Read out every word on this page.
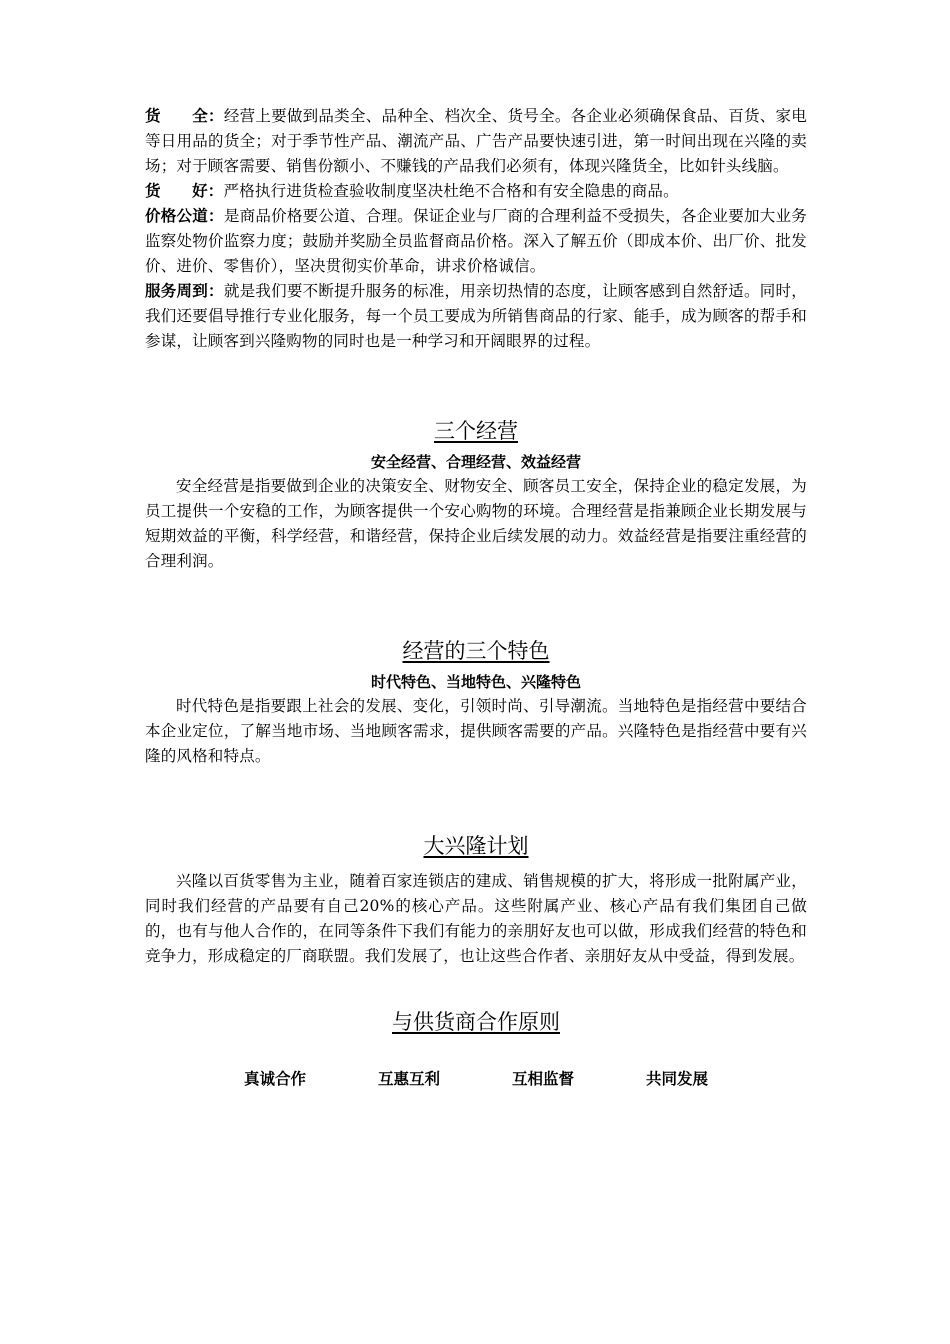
货　　全：经营上要做到品类全、品种全、档次全、货号全。各企业必须确保食品、百货、家电等日用品的货全；对于季节性产品、潮流产品、广告产品要快速引进，第一时间出现在兴隆的卖场；对于顾客需要、销售份额小、不赚钱的产品我们必须有，体现兴隆货全，比如针头线脑。

货　　好：严格执行进货检查验收制度坚决杜绝不合格和有安全隐患的商品。

价格公道：是商品价格要公道、合理。保证企业与厂商的合理利益不受损失，各企业要加大业务监察处物价监察力度；鼓励并奖励全员监督商品价格。深入了解五价（即成本价、出厂价、批发价、进价、零售价），坚决贯彻实价革命，讲求价格诚信。

服务周到：就是我们要不断提升服务的标准，用亲切热情的态度，让顾客感到自然舒适。同时，我们还要倡导推行专业化服务，每一个员工要成为所销售商品的行家、能手，成为顾客的帮手和参谋，让顾客到兴隆购物的同时也是一种学习和开阔眼界的过程。

三个经营
安全经营、合理经营、效益经营

安全经营是指要做到企业的决策安全、财物安全、顾客员工安全，保持企业的稳定发展，为员工提供一个安稳的工作，为顾客提供一个安心购物的环境。合理经营是指兼顾企业长期发展与短期效益的平衡，科学经营，和谐经营，保持企业后续发展的动力。效益经营是指要注重经营的合理利润。

经营的三个特色
时代特色、当地特色、兴隆特色

时代特色是指要跟上社会的发展、变化，引领时尚、引导潮流。当地特色是指经营中要结合本企业定位，了解当地市场、当地顾客需求，提供顾客需要的产品。兴隆特色是指经营中要有兴隆的风格和特点。

大兴隆计划

兴隆以百货零售为主业，随着百家连锁店的建成、销售规模的扩大，将形成一批附属产业，同时我们经营的产品要有自己20%的核心产品。这些附属产业、核心产品有我们集团自己做的，也有与他人合作的，在同等条件下我们有能力的亲朋好友也可以做，形成我们经营的特色和竞争力，形成稳定的厂商联盟。我们发展了，也让这些合作者、亲朋好友从中受益，得到发展。

与供货商合作原则
真诚合作	互惠互利	互相监督	共同发展
